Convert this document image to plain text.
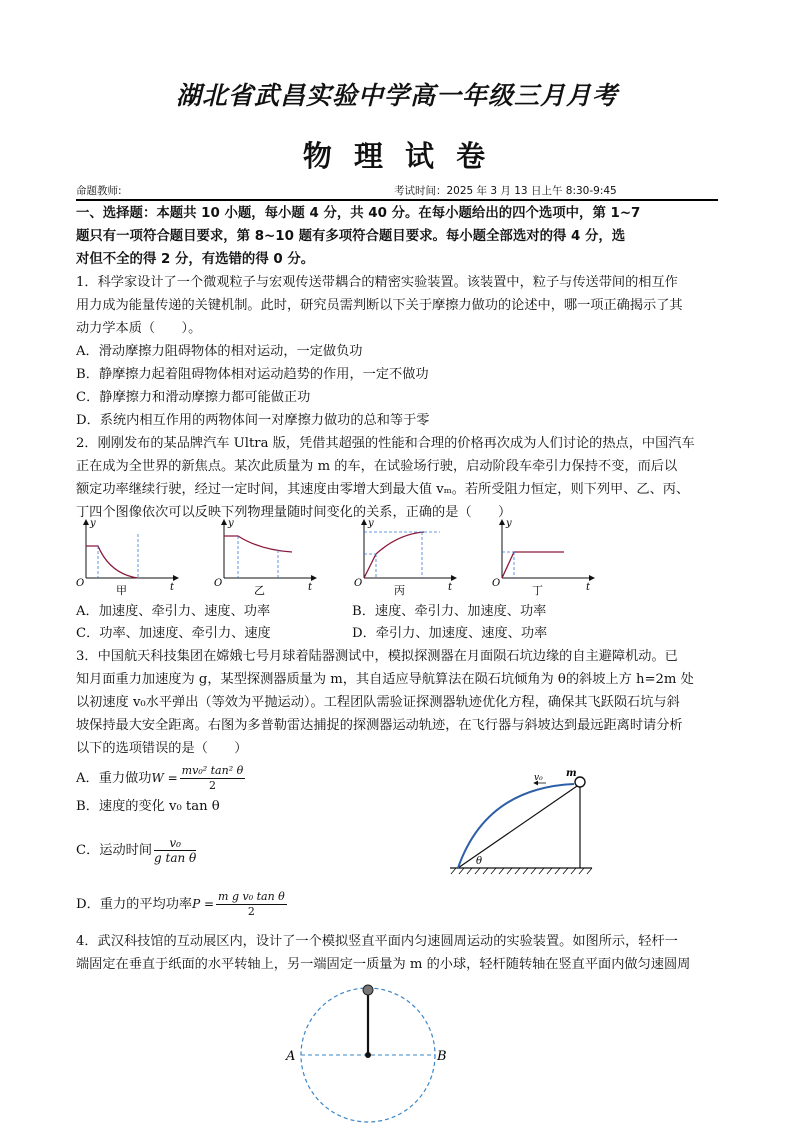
湖北省武昌实验中学高一年级三月月考
物 理 试 卷
命题教师:	考试时间：2025 年 3 月 13 日上午 8:30-9:45
一、选择题：本题共 10 小题，每小题 4 分，共 40 分。在每小题给出的四个选项中，第 1~7
题只有一项符合题目要求，第 8~10 题有多项符合题目要求。每小题全部选对的得 4 分，选
对但不全的得 2 分，有选错的得 0 分。
1．科学家设计了一个微观粒子与宏观传送带耦合的精密实验装置。该装置中，粒子与传送带间的相互作
用力成为能量传递的关键机制。此时，研究员需判断以下关于摩擦力做功的论述中，哪一项正确揭示了其
动力学本质（　　）。
A．滑动摩擦力阻碍物体的相对运动，一定做负功
B．静摩擦力起着阻碍物体相对运动趋势的作用，一定不做功
C．静摩擦力和滑动摩擦力都可能做正功
D．系统内相互作用的两物体间一对摩擦力做功的总和等于零
2．刚刚发布的某品牌汽车 Ultra 版，凭借其超强的性能和合理的价格再次成为人们讨论的热点，中国汽车
正在成为全世界的新焦点。某次此质量为 m 的车，在试验场行驶，启动阶段车牵引力保持不变，而后以
额定功率继续行驶，经过一定时间，其速度由零增大到最大值 vₘ。若所受阻力恒定，则下列甲、乙、丙、
丁四个图像依次可以反映下列物理量随时间变化的关系，正确的是（　　）
y
O	t
甲
y
O	t
乙
y
O	t
丙
y
O	t
丁
A．加速度、牵引力、速度、功率	B．速度、牵引力、加速度、功率
C．功率、加速度、牵引力、速度	D．牵引力、加速度、速度、功率
3．中国航天科技集团在嫦娥七号月球着陆器测试中，模拟探测器在月面陨石坑边缘的自主避障机动。已
知月面重力加速度为 g，某型探测器质量为 m，其自适应导航算法在陨石坑倾角为 θ的斜坡上方 h=2m 处
以初速度 v₀水平弹出（等效为平抛运动）。工程团队需验证探测器轨迹优化方程，确保其飞跃陨石坑与斜
坡保持最大安全距离。右图为多普勒雷达捕捉的探测器运动轨迹，在飞行器与斜坡达到最远距离时请分析
以下的选项错误的是（　　）
A．重力做功$W = \frac{\text{mv₀² tan² θ}}{2}$
B．速度的变化 v₀ tan θ
C．运动时间 $\frac{\text{v₀}}{\text{g tan θ}}$
D．重力的平均功率$P = \frac{\text{m g v₀ tan θ}}{2}$
v₀ m
θ
4．武汉科技馆的互动展区内，设计了一个模拟竖直平面内匀速圆周运动的实验装置。如图所示，轻杆一
端固定在垂直于纸面的水平转轴上，另一端固定一质量为 m 的小球，轻杆随转轴在竖直平面内做匀速圆周
A	B
